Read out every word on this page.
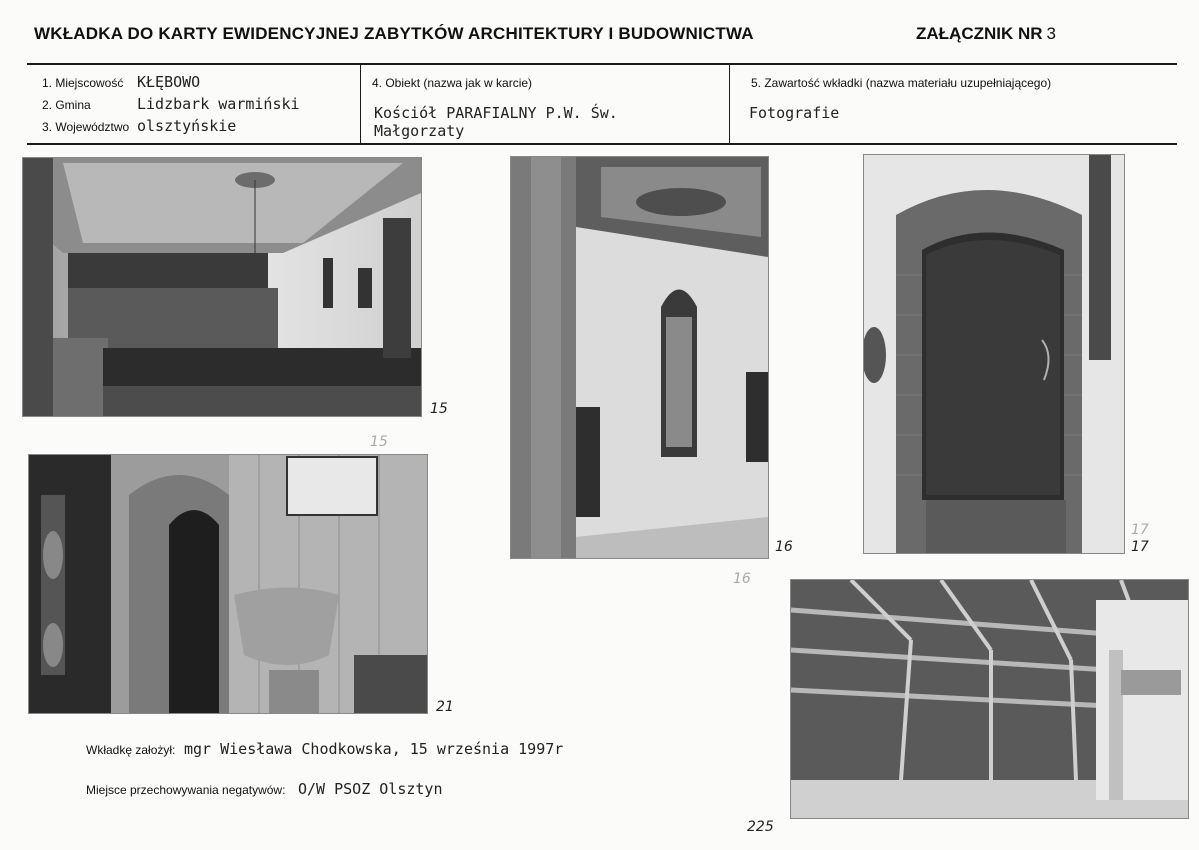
WKŁADKA DO KARTY EWIDENCYJNEJ ZABYTKÓW ARCHITEKTURY I BUDOWNICTWA	ZAŁĄCZNIK NR 3
1. Miejscowość KŁĘBOWO
2. Gmina	Lidzbark warmiński
3. Województwo olsztyńskie
4. Obiekt (nazwa jak w karcie)
Kościół PARAFIALNY P.W. Św.
Małgorzaty
5. Zawartość wkładki (nazwa materiału uzupełniającego)
Fotografie
15
15
16
16
17
17
21
225
Wkładkę założył: mgr Wiesława Chodkowska, 15 września 1997r
Miejsce przechowywania negatywów: O/W PSOZ Olsztyn
